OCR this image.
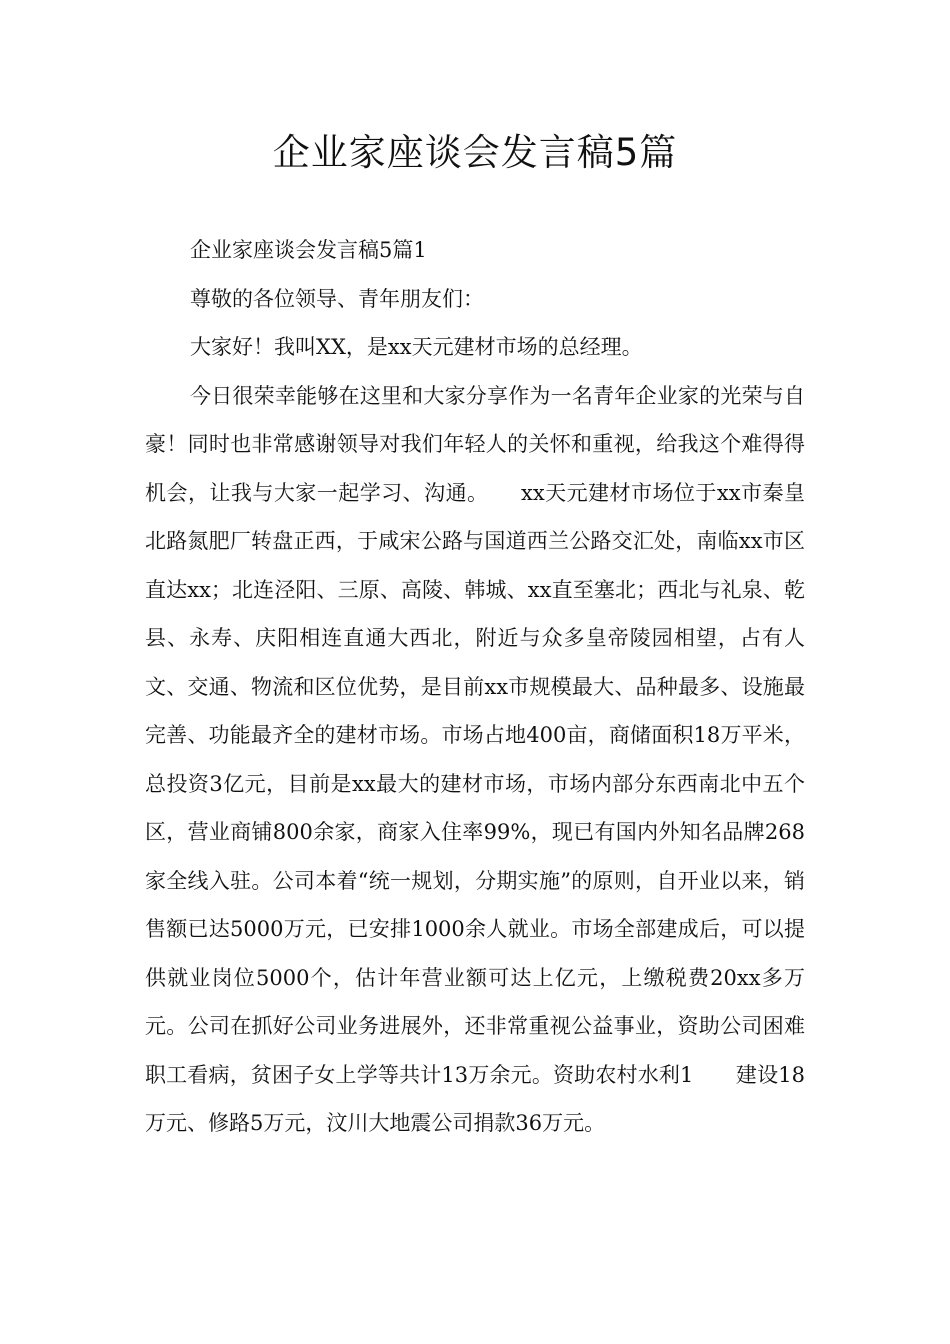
企业家座谈会发言稿5篇

企业家座谈会发言稿5篇1

尊敬的各位领导、青年朋友们：

大家好！我叫XX，是xx天元建材市场的总经理。

今日很荣幸能够在这里和大家分享作为一名青年企业家的光荣与自豪！同时也非常感谢领导对我们年轻人的关怀和重视，给我这个难得得机会，让我与大家一起学习、沟通。　　xx天元建材市场位于xx市秦皇北路氮肥厂转盘正西，于咸宋公路与国道西兰公路交汇处，南临xx市区直达xx；北连泾阳、三原、高陵、韩城、xx直至塞北；西北与礼泉、乾县、永寿、庆阳相连直通大西北，附近与众多皇帝陵园相望，占有人文、交通、物流和区位优势，是目前xx市规模最大、品种最多、设施最完善、功能最齐全的建材市场。市场占地400亩，商储面积18万平米，总投资3亿元，目前是xx最大的建材市场，市场内部分东西南北中五个区，营业商铺800余家，商家入住率99%，现已有国内外知名品牌268家全线入驻。公司本着“统一规划，分期实施”的原则，自开业以来，销售额已达5000万元，已安排1000余人就业。市场全部建成后，可以提供就业岗位5000个，估计年营业额可达上亿元，上缴税费20xx多万元。公司在抓好公司业务进展外，还非常重视公益事业，资助公司困难职工看病，贫困子女上学等共计13万余元。资助农村水利1　　建设18万元、修路5万元，汶川大地震公司捐款36万元。
